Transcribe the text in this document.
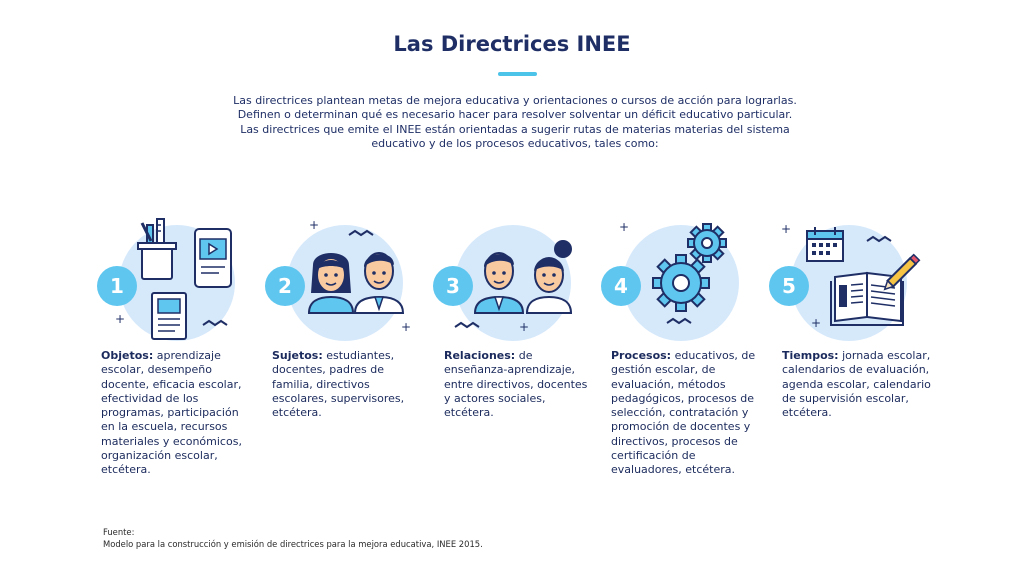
Las Directrices INEE
Las directrices plantean metas de mejora educativa y orientaciones o cursos de acción para lograrlas.
Definen o determinan qué es necesario hacer para resolver solventar un déficit educativo particular.
Las directrices que emite el INEE están orientadas a sugerir rutas de materias materias del sistema
educativo y de los procesos educativos, tales como:
+
1
+
+
2
+
3
+
4
+
+
5
Objetos: aprendizaje escolar, desempeño docente, eficacia escolar, efectividad de los programas, participación en la escuela, recursos materiales y económicos, organización escolar, etcétera.
Sujetos: estudiantes, docentes, padres de familia, directivos escolares, supervisores, etcétera.
Relaciones: de enseñanza-aprendizaje, entre directivos, docentes y actores sociales, etcétera.
Procesos: educativos, de gestión escolar, de evaluación, métodos pedagógicos, procesos de selección, contratación y promoción de docentes y directivos, procesos de certificación de evaluadores, etcétera.
Tiempos: jornada escolar, calendarios de evaluación, agenda escolar, calendario de supervisión escolar, etcétera.
Fuente:
Modelo para la construcción y emisión de directrices para la mejora educativa, INEE 2015.
